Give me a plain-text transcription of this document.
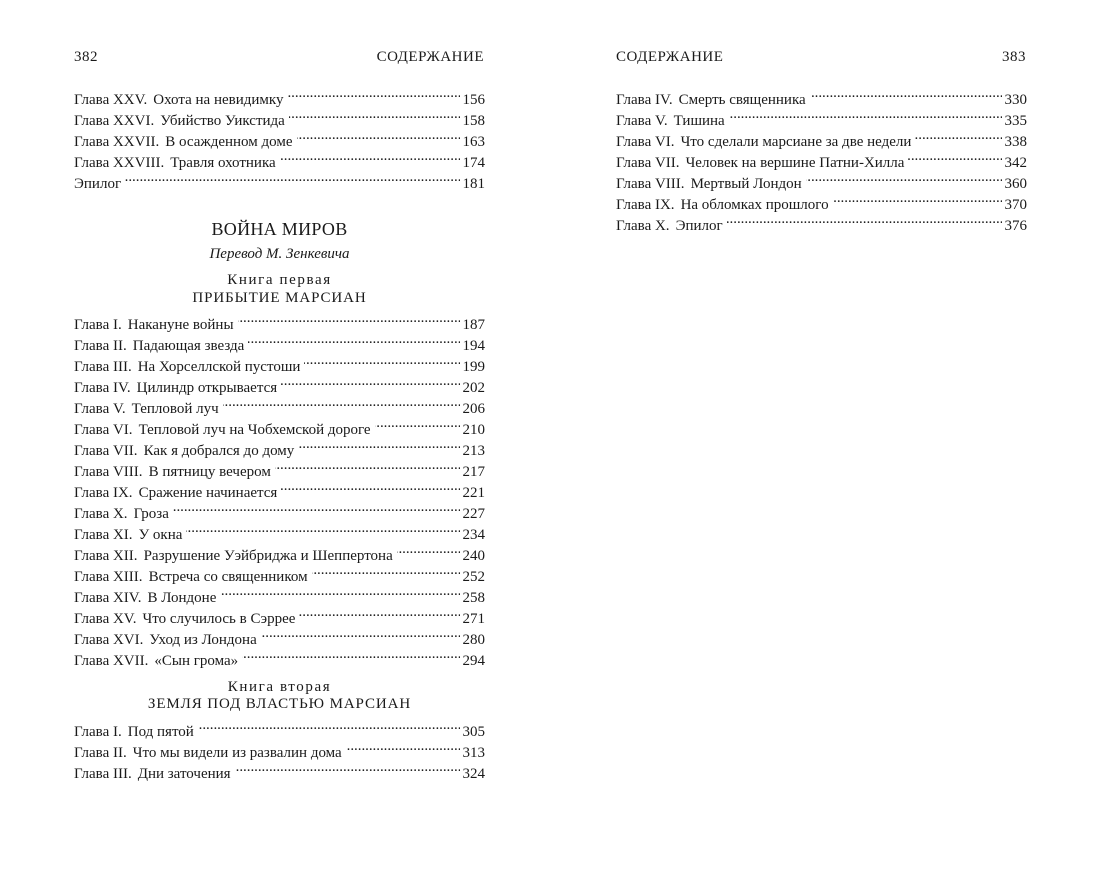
382	СОДЕРЖАНИЕ
Глава XXV. Охота на невидимку . . .	156
Глава XXVI. Убийство Уикстида . . .	158
Глава XXVII. В осажденном доме . . .	163
Глава XXVIII. Травля охотника . . .	174
Эпилог . . .	181
ВОЙНА МИРОВ
Перевод М. Зенкевича
Книга первая
ПРИБЫТИЕ МАРСИАН
Глава I. Накануне войны . . .	187
Глава II. Падающая звезда . . .	194
Глава III. На Хорселлской пустоши . . .	199
Глава IV. Цилиндр открывается . . .	202
Глава V. Тепловой луч . . .	206
Глава VI. Тепловой луч на Чобхемской дороге . . .	210
Глава VII. Как я добрался до дому . . .	213
Глава VIII. В пятницу вечером . . .	217
Глава IX. Сражение начинается . . .	221
Глава X. Гроза . . .	227
Глава XI. У окна . . .	234
Глава XII. Разрушение Уэйбриджа и Шеппертона . . .	240
Глава XIII. Встреча со священником . . .	252
Глава XIV. В Лондоне . . .	258
Глава XV. Что случилось в Сэррее . . .	271
Глава XVI. Уход из Лондона . . .	280
Глава XVII. «Сын грома» . . .	294
Книга вторая
ЗЕМЛЯ ПОД ВЛАСТЬЮ МАРСИАН
Глава I. Под пятой . . .	305
Глава II. Что мы видели из развалин дома . . .	313
Глава III. Дни заточения . . .	324
СОДЕРЖАНИЕ	383
Глава IV. Смерть священника . . .	330
Глава V. Тишина . . .	335
Глава VI. Что сделали марсиане за две недели . . .	338
Глава VII. Человек на вершине Патни-Хилла . . .	342
Глава VIII. Мертвый Лондон . . .	360
Глава IX. На обломках прошлого . . .	370
Глава X. Эпилог . . .	376
